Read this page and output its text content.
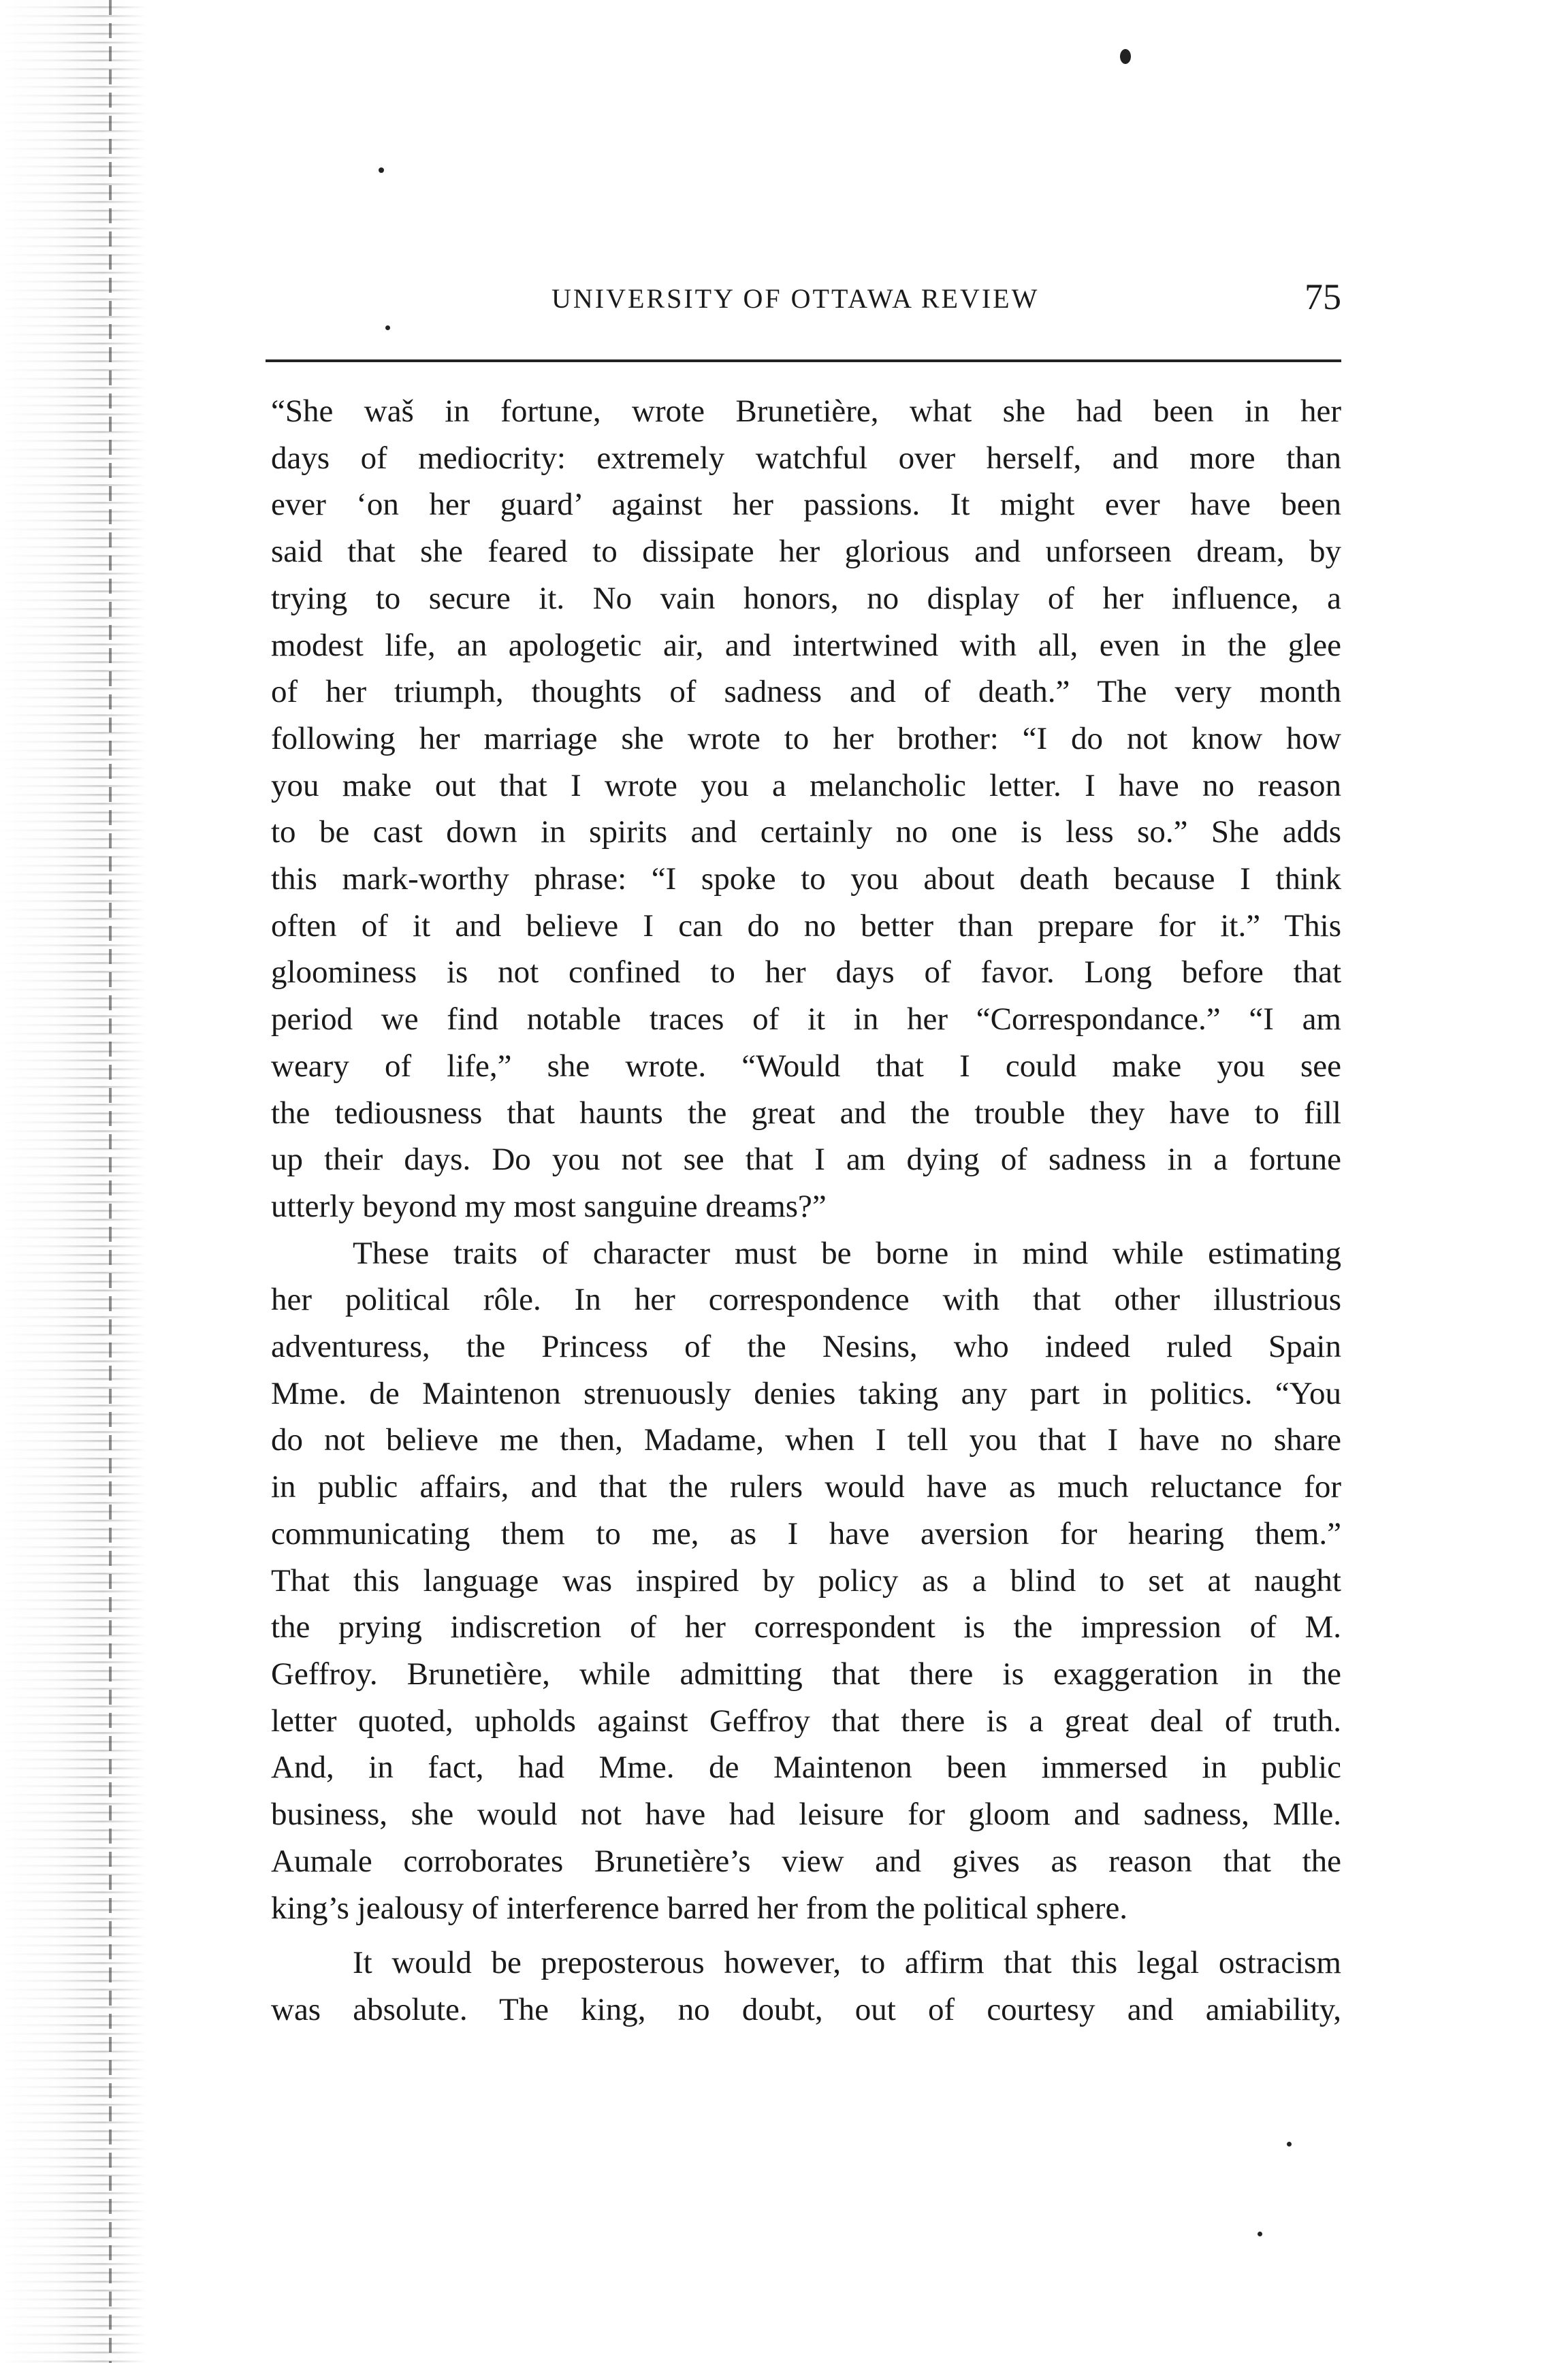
UNIVERSITY OF OTTAWA REVIEW	75

“She waš in fortune, wrote Brunetière, what she had been in her
days of mediocrity: extremely watchful over herself, and more than
ever ‘on her guard’ against her passions. It might ever have been
said that she feared to dissipate her glorious and unforseen dream, by
trying to secure it. No vain honors, no display of her influence, a
modest life, an apologetic air, and intertwined with all, even in the glee
of her triumph, thoughts of sadness and of death.” The very month
following her marriage she wrote to her brother: “I do not know how
you make out that I wrote you a melancholic letter. I have no reason
to be cast down in spirits and certainly no one is less so.” She adds
this mark-worthy phrase: “I spoke to you about death because I think
often of it and believe I can do no better than prepare for it.” This
gloominess is not confined to her days of favor. Long before that
period we find notable traces of it in her “Correspondance.” “I am
weary of life,” she wrote. “Would that I could make you see
the tediousness that haunts the great and the trouble they have to fill
up their days. Do you not see that I am dying of sadness in a fortune
utterly beyond my most sanguine dreams?”

These traits of character must be borne in mind while estimating
her political rôle. In her correspondence with that other illustrious
adventuress, the Princess of the Nesins, who indeed ruled Spain
Mme. de Maintenon strenuously denies taking any part in politics. “You
do not believe me then, Madame, when I tell you that I have no share
in public affairs, and that the rulers would have as much reluctance for
communicating them to me, as I have aversion for hearing them.”
That this language was inspired by policy as a blind to set at naught
the prying indiscretion of her correspondent is the impression of M.
Geffroy. Brunetière, while admitting that there is exaggeration in the
letter quoted, upholds against Geffroy that there is a great deal of truth.
And, in fact, had Mme. de Maintenon been immersed in public
business, she would not have had leisure for gloom and sadness, Mlle.
Aumale corroborates Brunetière’s view and gives as reason that the
king’s jealousy of interference barred her from the political sphere.

It would be preposterous however, to affirm that this legal ostracism
was absolute. The king, no doubt, out of courtesy and amiability,
